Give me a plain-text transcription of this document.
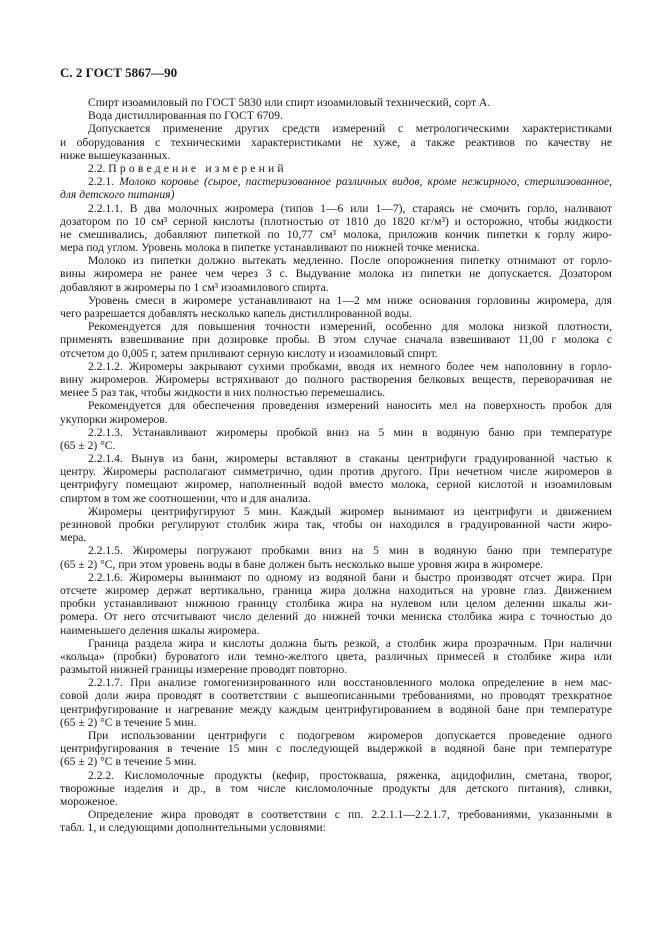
С. 2 ГОСТ 5867—90
Спирт изоамиловый по ГОСТ 5830 или спирт изоамиловый технический, сорт А.
Вода дистиллированная по ГОСТ 6709.
Допускается применение других средств измерений с метрологическими характеристиками
и оборудования с техническими характеристиками не хуже, а также реактивов по качеству не
ниже вышеуказанных.
2.2. Проведение измерений
2.2.1. Молоко коровье (сырое, пастеризованное различных видов, кроме нежирного, стерилизованное,
для детского питания)
2.2.1.1. В два молочных жиромера (типов 1—6 или 1—7), стараясь не смочить горло, наливают
дозатором по 10 см³ серной кислоты (плотностью от 1810 до 1820 кг/м³) и осторожно, чтобы жидкости
не смешивались, добавляют пипеткой по 10,77 см³ молока, приложив кончик пипетки к горлу жиро-
мера под углом. Уровень молока в пипетке устанавливают по нижней точке мениска.
Молоко из пипетки должно вытекать медленно. После опорожнения пипетку отнимают от горло-
вины жиромера не ранее чем через 3 с. Выдувание молока из пипетки не допускается. Дозатором
добавляют в жиромеры по 1 см³ изоамилового спирта.
Уровень смеси в жиромере устанавливают на 1—2 мм ниже основания горловины жиромера, для
чего разрешается добавлять несколько капель дистиллированной воды.
Рекомендуется для повышения точности измерений, особенно для молока низкой плотности,
применять взвешивание при дозировке пробы. В этом случае сначала взвешивают 11,00 г молока с
отсчетом до 0,005 г, затем приливают серную кислоту и изоамиловый спирт.
2.2.1.2. Жиромеры закрывают сухими пробками, вводя их немного более чем наполовину в горло-
вину жиромеров. Жиромеры встряхивают до полного растворения белковых веществ, переворачивая не
менее 5 раз так, чтобы жидкости в них полностью перемешались.
Рекомендуется для обеспечения проведения измерений наносить мел на поверхность пробок для
укупорки жиромеров.
2.2.1.3. Устанавливают жиромеры пробкой вниз на 5 мин в водяную баню при температуре
(65 ± 2) °С.
2.2.1.4. Вынув из бани, жиромеры вставляют в стаканы центрифуги градуированной частью к
центру. Жиромеры располагают симметрично, один против другого. При нечетном числе жиромеров в
центрифугу помещают жиромер, наполненный водой вместо молока, серной кислотой и изоамиловым
спиртом в том же соотношении, что и для анализа.
Жиромеры центрифугируют 5 мин. Каждый жиромер вынимают из центрифуги и движением
резиновой пробки регулируют столбик жира так, чтобы он находился в градуированной части жиро-
мера.
2.2.1.5. Жиромеры погружают пробками вниз на 5 мин в водяную баню при температуре
(65 ± 2) °С, при этом уровень воды в бане должен быть несколько выше уровня жира в жиромере.
2.2.1.6. Жиромеры вынимают по одному из водяной бани и быстро производят отсчет жира. При
отсчете жиромер держат вертикально, граница жира должна находиться на уровне глаз. Движением
пробки устанавливают нижнюю границу столбика жира на нулевом или целом делении шкалы жи-
ромера. От него отсчитывают число делений до нижней точки мениска столбика жира с точностью до
наименьшего деления шкалы жиромера.
Граница раздела жира и кислоты должна быть резкой, а столбик жира прозрачным. При наличии
«кольца» (пробки) буроватого или темно-желтого цвета, различных примесей в столбике жира или
размытой нижней границы измерение проводят повторно.
2.2.1.7. При анализе гомогенизированного или восстановленного молока определение в нем мас-
совой доли жира проводят в соответствии с вышеописанными требованиями, но проводят трехкратное
центрифугирование и нагревание между каждым центрифугированием в водяной бане при температуре
(65 ± 2) °С в течение 5 мин.
При использовании центрифуги с подогревом жиромеров допускается проведение одного
центрифугирования в течение 15 мин с последующей выдержкой в водяной бане при температуре
(65 ± 2) °С в течение 5 мин.
2.2.2. Кисломолочные продукты (кефир, простокваша, ряженка, ацидофилин, сметана, творог,
творожные изделия и др., в том числе кисломолочные продукты для детского питания), сливки,
мороженое.
Определение жира проводят в соответствии с пп. 2.2.1.1—2.2.1.7, требованиями, указанными в
табл. 1, и следующими дополнительными условиями:
